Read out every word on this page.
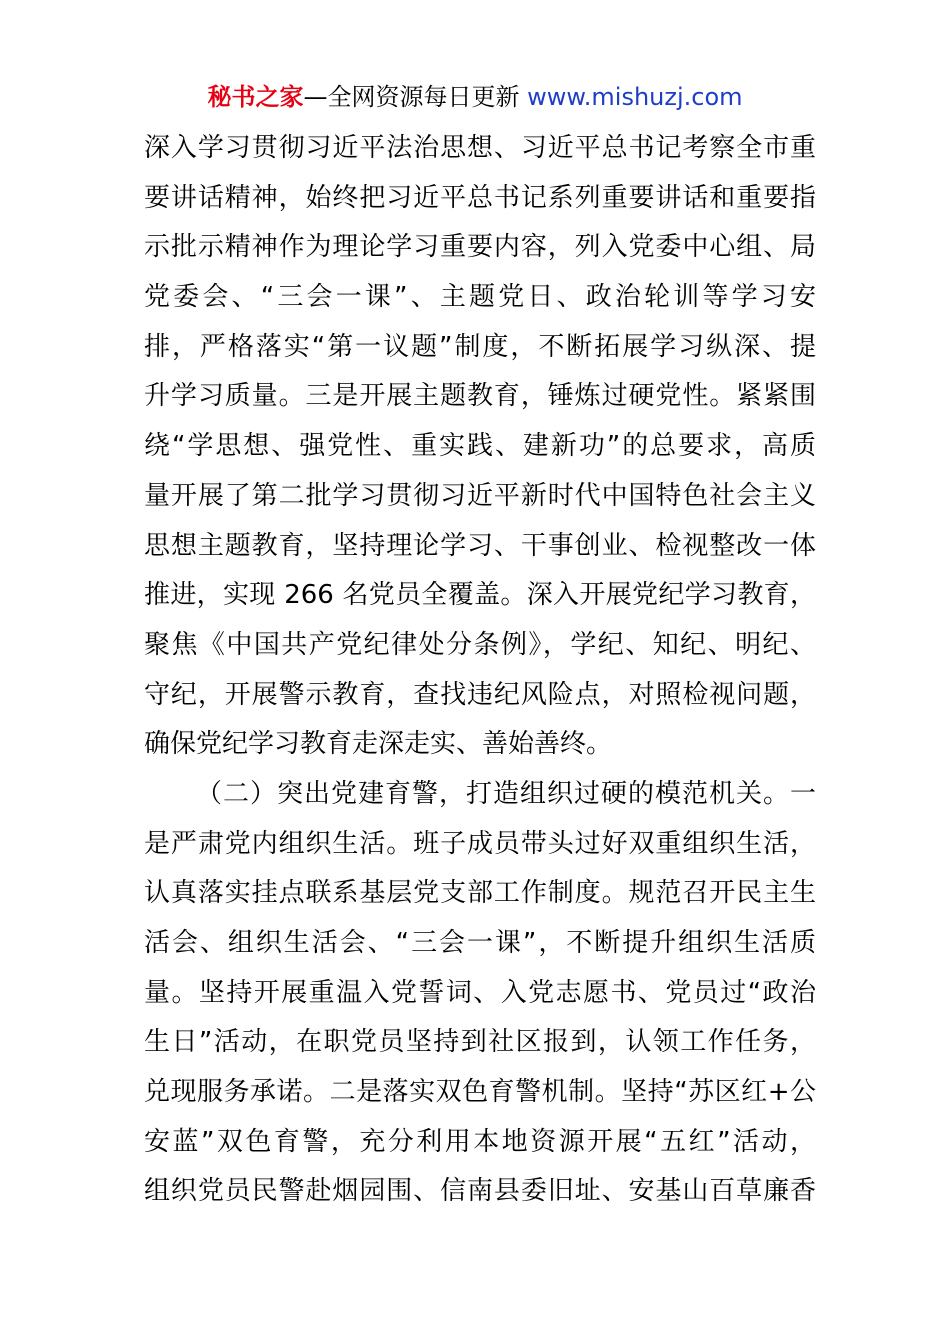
秘书之家—全网资源每日更新 www.mishuzj.com
深入学习贯彻习近平法治思想、习近平总书记考察全市重
要讲话精神，始终把习近平总书记系列重要讲话和重要指
示批示精神作为理论学习重要内容，列入党委中心组、局
党委会、“三会一课”、主题党日、政治轮训等学习安
排，严格落实“第一议题”制度，不断拓展学习纵深、提
升学习质量。三是开展主题教育，锤炼过硬党性。紧紧围
绕“学思想、强党性、重实践、建新功”的总要求，高质
量开展了第二批学习贯彻习近平新时代中国特色社会主义
思想主题教育，坚持理论学习、干事创业、检视整改一体
推进，实现 266 名党员全覆盖。深入开展党纪学习教育，
聚焦《中国共产党纪律处分条例》，学纪、知纪、明纪、
守纪，开展警示教育，查找违纪风险点，对照检视问题，
确保党纪学习教育走深走实、善始善终。
（二）突出党建育警，打造组织过硬的模范机关。一
是严肃党内组织生活。班子成员带头过好双重组织生活，
认真落实挂点联系基层党支部工作制度。规范召开民主生
活会、组织生活会、“三会一课”，不断提升组织生活质
量。坚持开展重温入党誓词、入党志愿书、党员过“政治
生日”活动，在职党员坚持到社区报到，认领工作任务，
兑现服务承诺。二是落实双色育警机制。坚持“苏区红+公
安蓝”双色育警，充分利用本地资源开展“五红”活动，
组织党员民警赴烟园围、信南县委旧址、安基山百草廉香
